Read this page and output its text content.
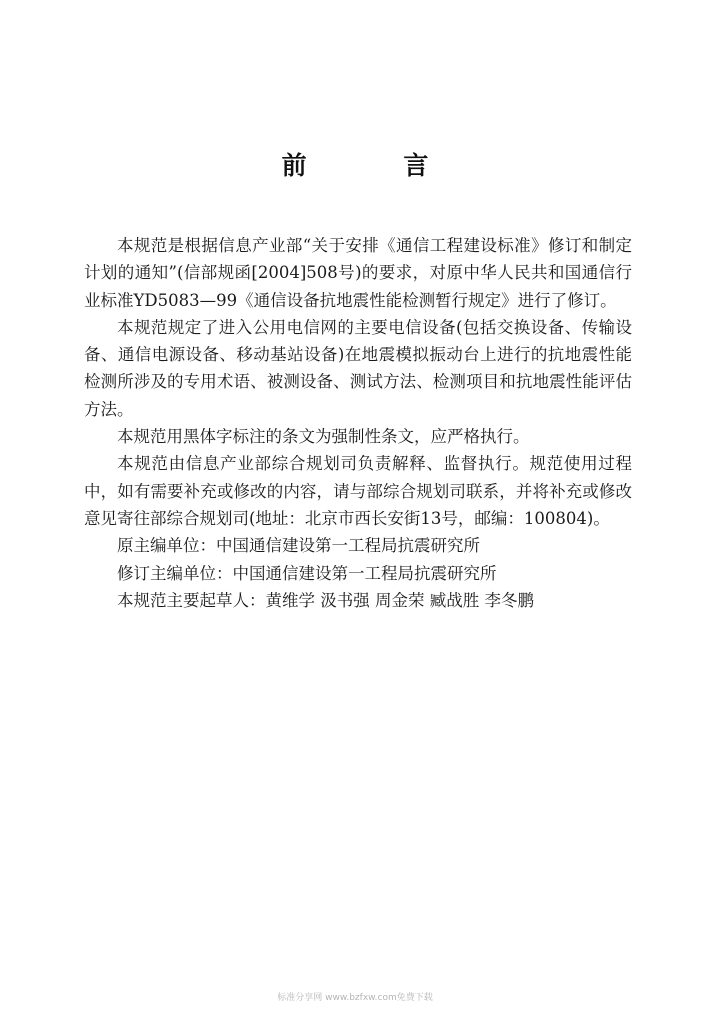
前 言

本规范是根据信息产业部“关于安排《通信工程建设标准》修订和制定计划的通知”(信部规函[2004]508号)的要求，对原中华人民共和国通信行业标准YD5083—99《通信设备抗地震性能检测暂行规定》进行了修订。

本规范规定了进入公用电信网的主要电信设备(包括交换设备、传输设备、通信电源设备、移动基站设备)在地震模拟振动台上进行的抗地震性能检测所涉及的专用术语、被测设备、测试方法、检测项目和抗地震性能评估方法。

本规范用黑体字标注的条文为强制性条文，应严格执行。

本规范由信息产业部综合规划司负责解释、监督执行。规范使用过程中，如有需要补充或修改的内容，请与部综合规划司联系，并将补充或修改意见寄往部综合规划司(地址：北京市西长安街13号，邮编：100804)。

原主编单位：中国通信建设第一工程局抗震研究所

修订主编单位：中国通信建设第一工程局抗震研究所

本规范主要起草人：黄维学 汲书强 周金荣 臧战胜 李冬鹏

标准分享网 www.bzfxw.com免费下载
